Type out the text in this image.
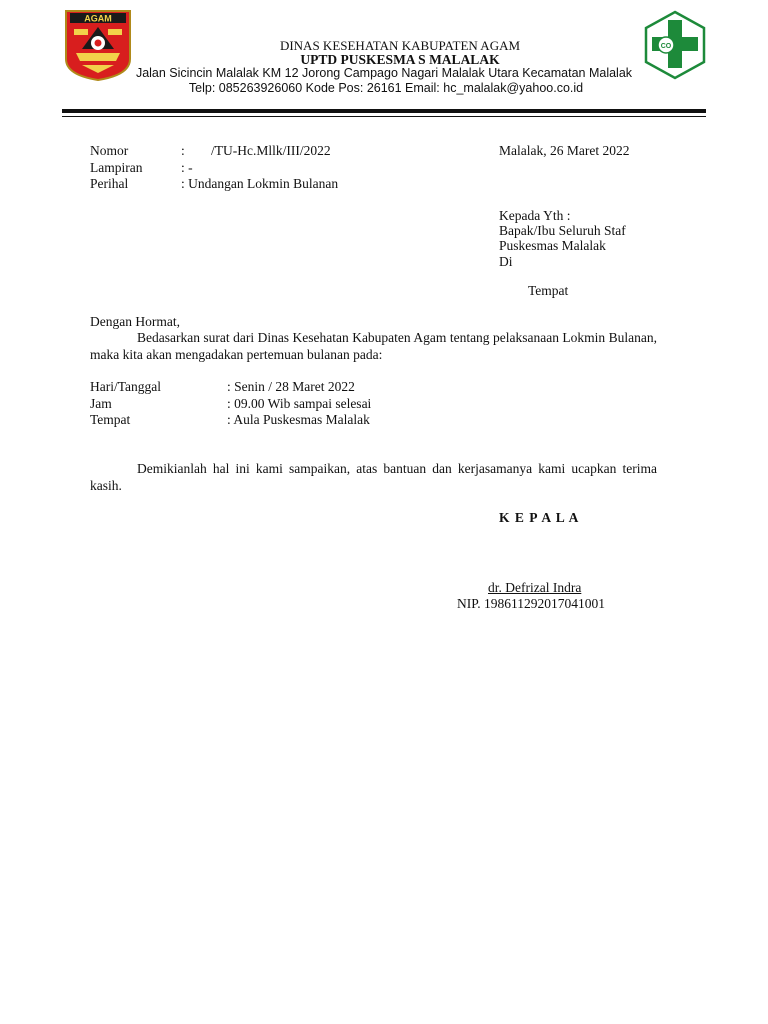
AGAM
CO
DINAS KESEHATAN KABUPATEN AGAM
UPTD PUSKESMA S MALALAK
Jalan Sicincin Malalak KM 12 Jorong Campago Nagari Malalak Utara Kecamatan Malalak
Telp: 085263926060 Kode Pos: 26161 Email: hc_malalak@yahoo.co.id
Nomor	: /TU-Hc.Mllk/III/2022	Malalak, 26 Maret 2022
Lampiran	: -
Perihal	: Undangan Lokmin Bulanan
Kepada Yth :
Bapak/Ibu Seluruh Staf
Puskesmas Malalak
Di
Tempat
Dengan Hormat,
Bedasarkan surat dari Dinas Kesehatan Kabupaten Agam tentang pelaksanaan Lokmin Bulanan, maka kita akan mengadakan pertemuan bulanan pada:
Hari/Tanggal	: Senin / 28 Maret 2022
Jam	: 09.00 Wib sampai selesai
Tempat	: Aula Puskesmas Malalak
Demikianlah hal ini kami sampaikan, atas bantuan dan kerjasamanya kami ucapkan terima kasih.
K E P A L A
dr. Defrizal Indra
NIP. 198611292017041001
